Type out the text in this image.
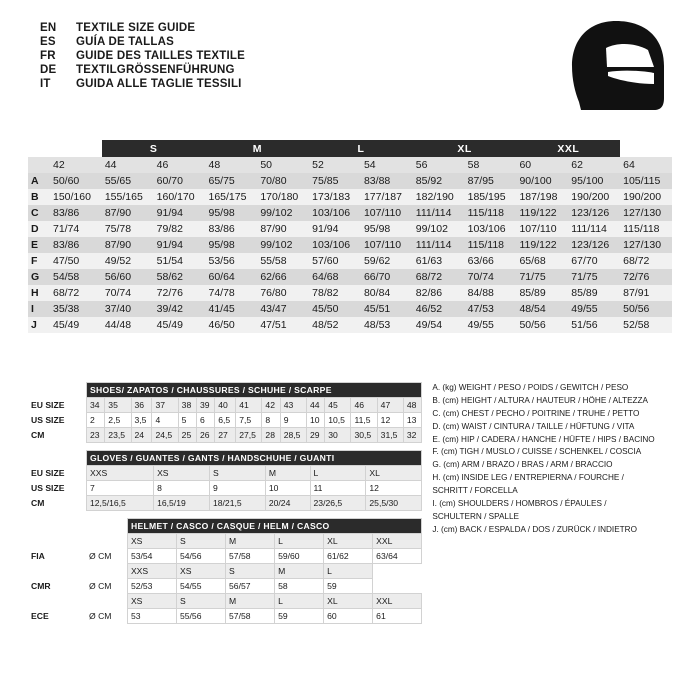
EN	TEXTILE SIZE GUIDE
ES	GUÍA DE TALLAS
FR	GUIDE DES TAILLES TEXTILE
DE	TEXTILGRÖSSENFÜHRUNG
IT	GUIDA ALLE TAGLIE TESSILI
		S		M		L		XL		XXL		
	42	44	46	48	50	52	54	56	58	60	62	64
A	50/60	55/65	60/70	65/75	70/80	75/85	83/88	85/92	87/95	90/100	95/100	105/115
B	150/160	155/165	160/170	165/175	170/180	173/183	177/187	182/190	185/195	187/198	190/200	190/200
C	83/86	87/90	91/94	95/98	99/102	103/106	107/110	111/114	115/118	119/122	123/126	127/130
D	71/74	75/78	79/82	83/86	87/90	91/94	95/98	99/102	103/106	107/110	111/114	115/118
E	83/86	87/90	91/94	95/98	99/102	103/106	107/110	111/114	115/118	119/122	123/126	127/130
F	47/50	49/52	51/54	53/56	55/58	57/60	59/62	61/63	63/66	65/68	67/70	68/72
G	54/58	56/60	58/62	60/64	62/66	64/68	66/70	68/72	70/74	71/75	71/75	72/76
H	68/72	70/74	72/76	74/78	76/80	78/82	80/84	82/86	84/88	85/89	85/89	87/91
I	35/38	37/40	39/42	41/45	43/47	45/50	45/51	46/52	47/53	48/54	49/55	50/56
J	45/49	44/48	45/49	46/50	47/51	48/52	48/53	49/54	49/55	50/56	51/56	52/58
	SHOES/ ZAPATOS / CHAUSSURES / SCHUHE / SCARPE														
EU SIZE	34	35	36	37	38	39	40	41	42	43	44	45	46	47	48
US SIZE	2	2,5	3,5	4	5	6	6,5	7,5	8	9	10	10,5	11,5	12	13
CM	23	23,5	24	24,5	25	26	27	27,5	28	28,5	29	30	30,5	31,5	32
	GLOVES / GUANTES / GANTS / HANDSCHUHE / GUANTI					
EU SIZE	XXS	XS	S	M	L	XL
US SIZE	7	8	9	10	11	12
CM	12,5/16,5	16,5/19	18/21,5	20/24	23/26,5	25,5/30
		HELMET / CASCO / CASQUE / HELM / CASCO					
		XS	S	M	L	XL	XXL
FIA	Ø CM	53/54	54/56	57/58	59/60	61/62	63/64
		XXS	XS	S	M	L	
CMR	Ø CM	52/53	54/55	56/57	58	59	
		XS	S	M	L	XL	XXL
ECE	Ø CM	53	55/56	57/58	59	60	61
A. (kg) WEIGHT / PESO / POIDS / GEWITCH / PESO
B. (cm) HEIGHT / ALTURA / HAUTEUR / HÖHE / ALTEZZA
C. (cm) CHEST / PECHO / POITRINE / TRUHE / PETTO
D. (cm) WAIST / CINTURA / TAILLE / HÜFTUNG / VITA
E. (cm) HIP / CADERA / HANCHE / HÜFTE / HIPS / BACINO
F. (cm) TIGH / MUSLO / CUISSE / SCHENKEL / COSCIA
G. (cm) ARM / BRAZO / BRAS / ARM / BRACCIO
H. (cm) INSIDE LEG / ENTREPIERNA / FOURCHE /
SCHRITT / FORCELLA
I. (cm) SHOULDERS / HOMBROS / ÉPAULES /
SCHULTERN / SPALLE
J. (cm) BACK / ESPALDA / DOS / ZURÜCK / INDIETRO
